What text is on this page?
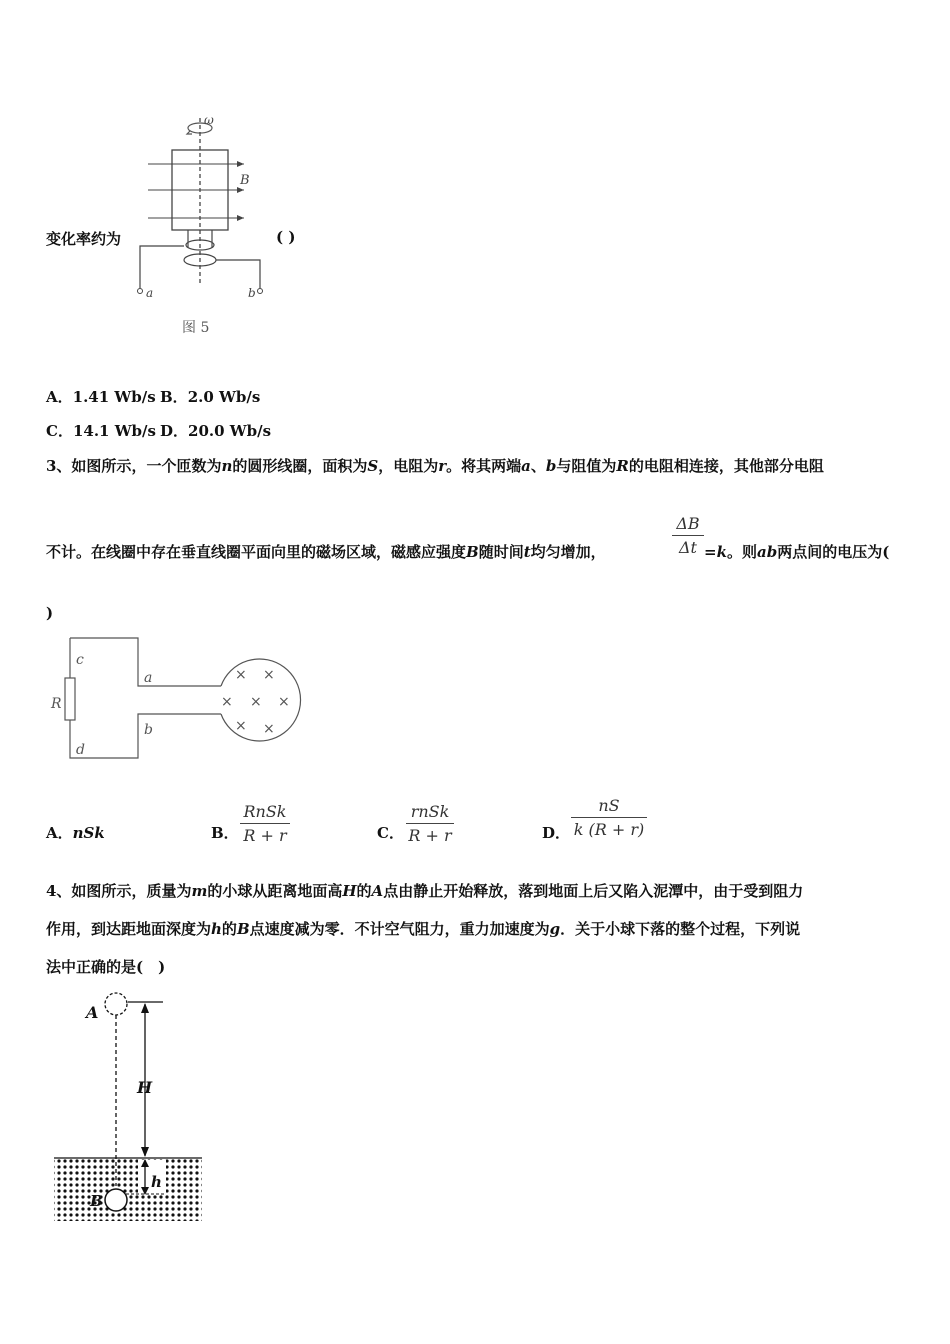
变化率约为	( )
ω
B
a	b
图 5
A．1.41 Wb/s B．2.0 Wb/s
C．14.1 Wb/s D．20.0 Wb/s
3、如图所示，一个匝数为n的圆形线圈，面积为S，电阻为r。将其两端a、b与阻值为R的电阻相连接，其他部分电阻
不计。在线圈中存在垂直线圈平面向里的磁场区域，磁感应强度B随时间t均匀增加，
ΔB
Δt =k。则ab两点间的电压为(
)
c
a
R
b
d
× ×
× × ×
× ×
A．nSk	B．
RnSk
R + r	C．
rnSk
R + r	D．
nS
k (R + r)
4、如图所示，质量为m的小球从距离地面高H的A点由静止开始释放，落到地面上后又陷入泥潭中，由于受到阻力
作用，到达距地面深度为h的B点速度减为零．不计空气阻力，重力加速度为g．关于小球下落的整个过程，下列说
法中正确的是(　)
A
H
h
B
